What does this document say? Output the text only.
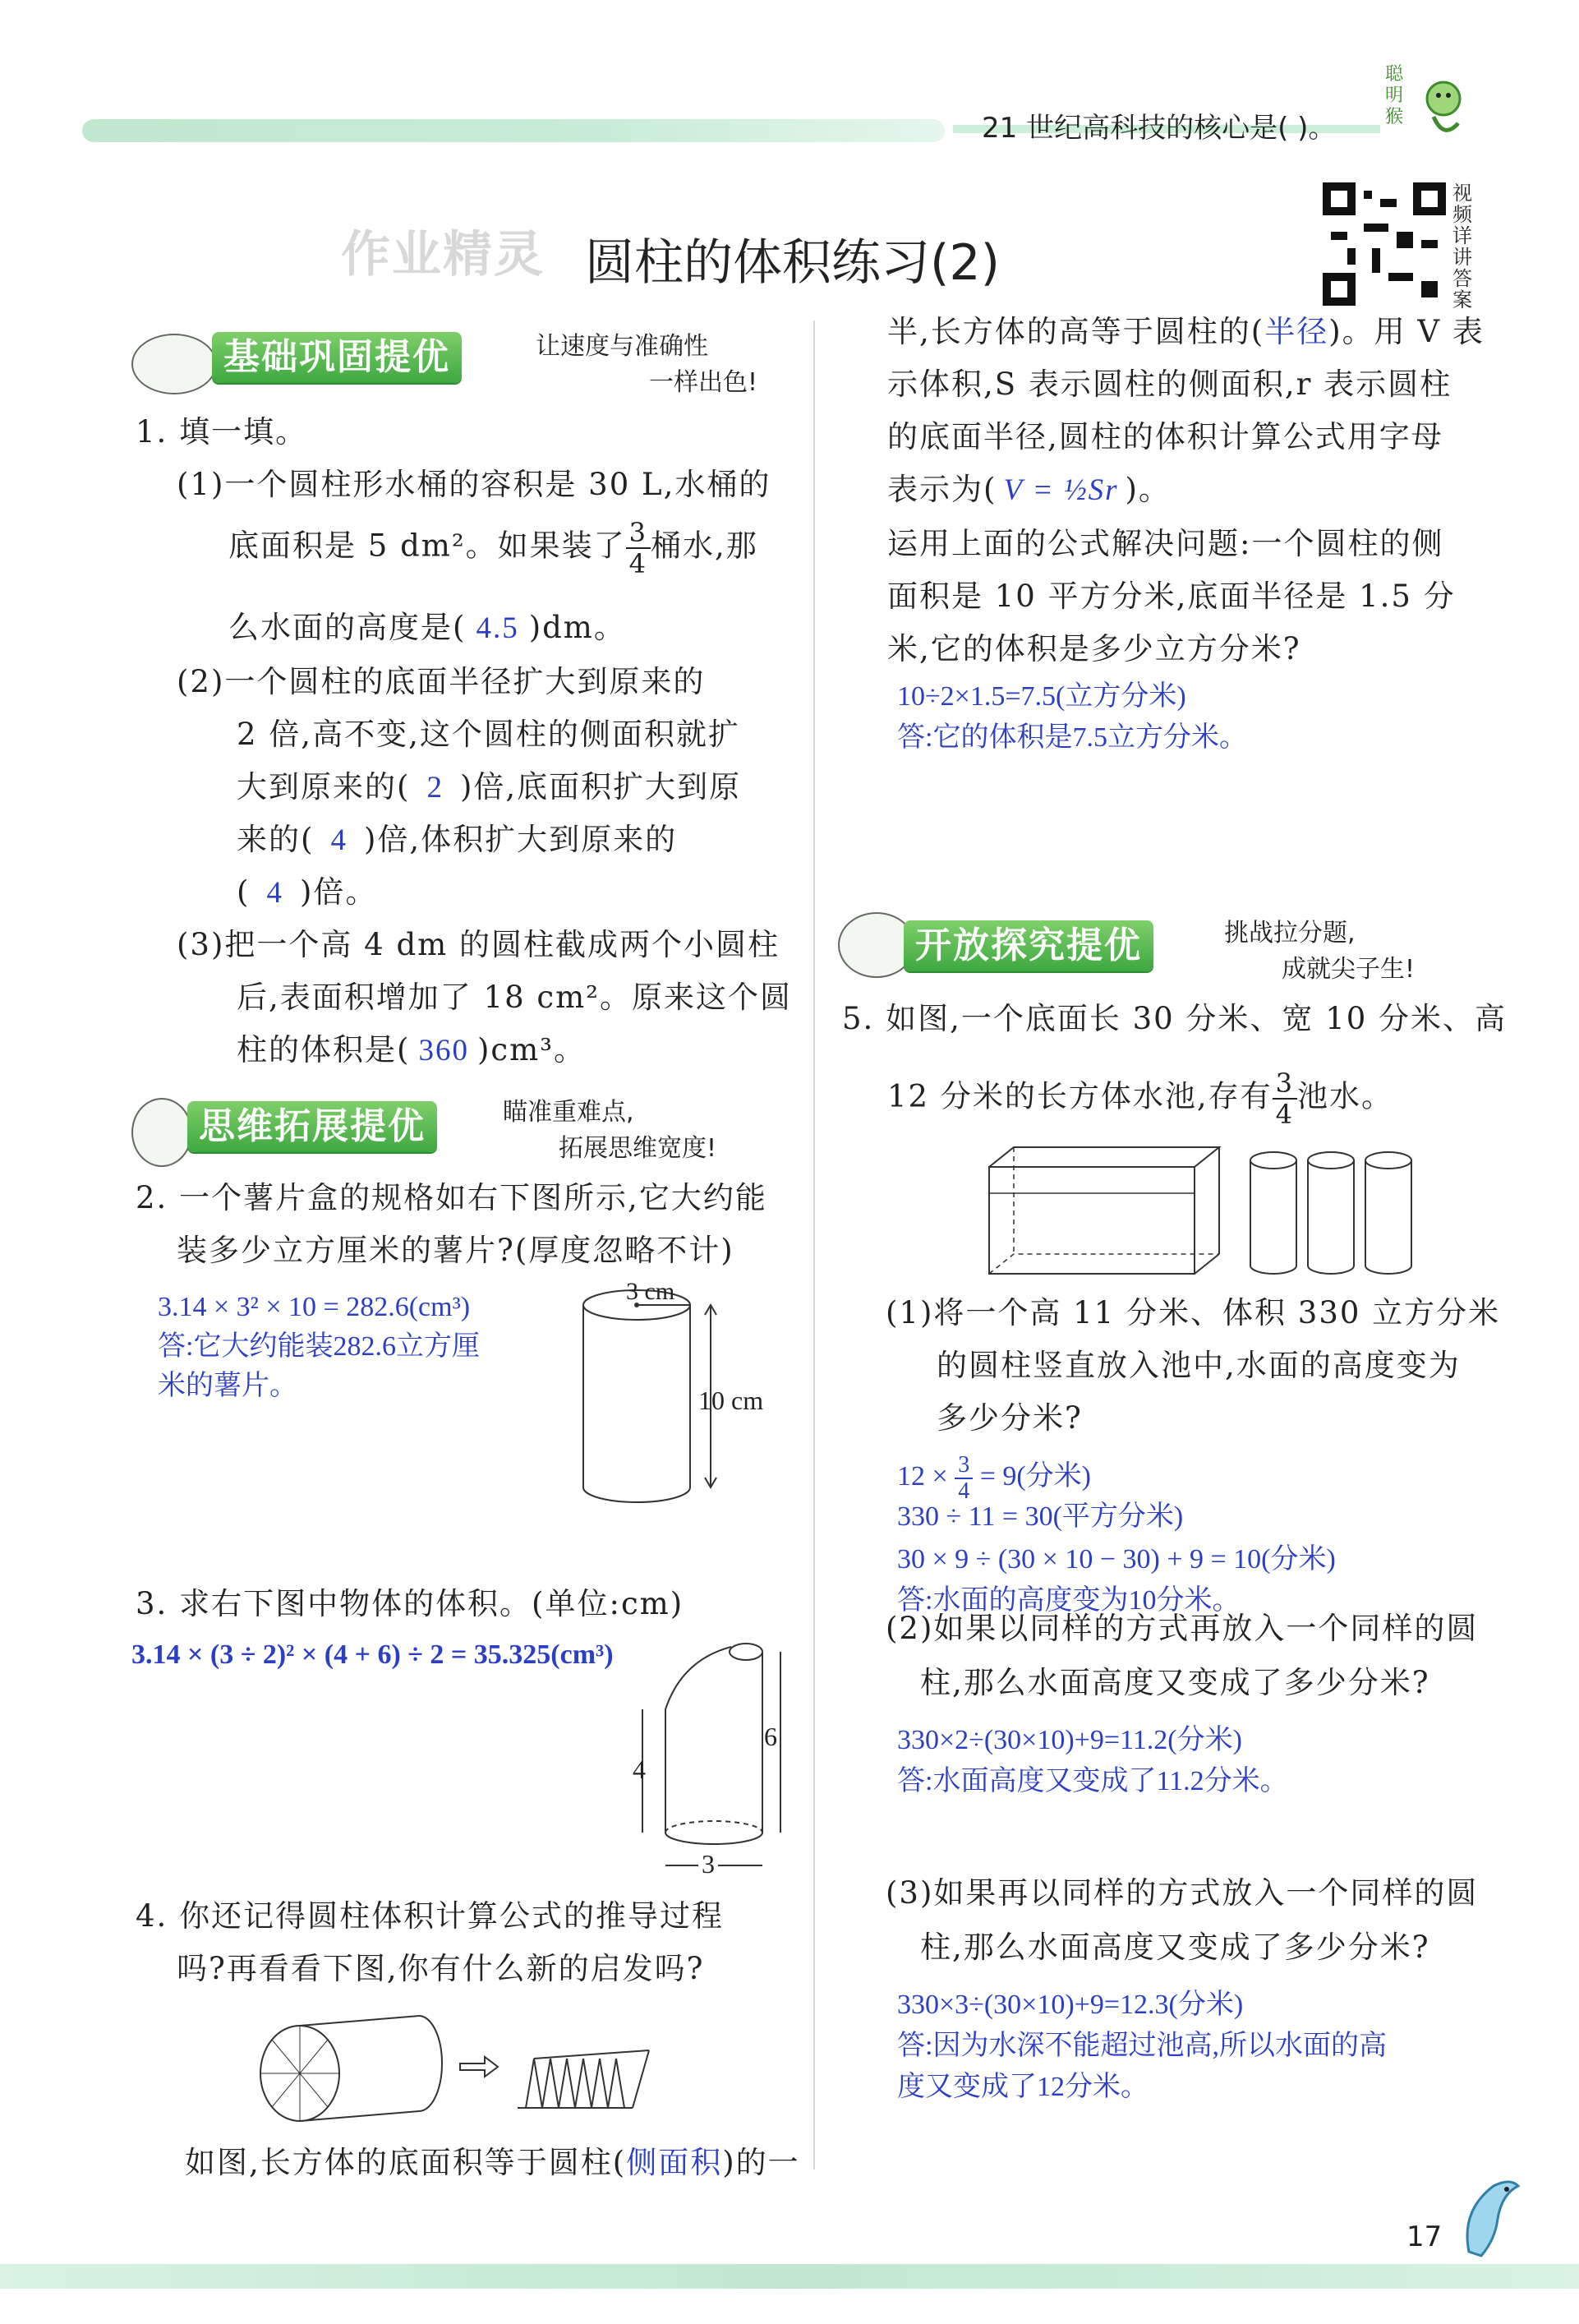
21 世纪高科技的核心是( )。
聪明猴
作业精灵 圆柱的体积练习(2)
视频详讲答案
基础巩固提优	让速度与准确性
一样出色!
1. 填一填。
(1)一个圆柱形水桶的容积是 30 L,水桶的
底面积是 5 dm²。如果装了 $\frac{3}{4}$ 桶水,那
么水面的高度是( 4.5 )dm。
(2)一个圆柱的底面半径扩大到原来的
2 倍,高不变,这个圆柱的侧面积就扩
大到原来的( 2 )倍,底面积扩大到原
来的( 4 )倍,体积扩大到原来的
( 4 )倍。
(3)把一个高 4 dm 的圆柱截成两个小圆柱
后,表面积增加了 18 cm²。原来这个圆
柱的体积是( 360 )cm³。
思维拓展提优	瞄准重难点,
拓展思维宽度!
2. 一个薯片盒的规格如右下图所示,它大约能
装多少立方厘米的薯片?(厚度忽略不计)
3.14 × 3² × 10 = 282.6(cm³)
答:它大约能装282.6立方厘
米的薯片。
3 cm
10 cm
3. 求右下图中物体的体积。(单位:cm)
3.14 × (3 ÷ 2)² × (4 + 6) ÷ 2 = 35.325(cm³)
4
6
3
4. 你还记得圆柱体积计算公式的推导过程
吗?再看看下图,你有什么新的启发吗?
如图,长方体的底面积等于圆柱(侧面积)的一
半,长方体的高等于圆柱的(半径)。用 V 表
示体积,S 表示圆柱的侧面积,r 表示圆柱
的底面半径,圆柱的体积计算公式用字母
表示为( V = ½Sr )。
运用上面的公式解决问题:一个圆柱的侧
面积是 10 平方分米,底面半径是 1.5 分
米,它的体积是多少立方分米?
10÷2×1.5=7.5(立方分米)
答:它的体积是7.5立方分米。
开放探究提优	挑战拉分题,
成就尖子生!
5. 如图,一个底面长 30 分米、宽 10 分米、高
12 分米的长方体水池,存有 $\frac{3}{4}$ 池水。
(1)将一个高 11 分米、体积 330 立方分米
的圆柱竖直放入池中,水面的高度变为
多少分米?
$12 \times \frac{3}{4} = 9$(分米)
330 ÷ 11 = 30(平方分米)
30 × 9 ÷ (30 × 10 − 30) + 9 = 10(分米)
答:水面的高度变为10分米。
(2)如果以同样的方式再放入一个同样的圆
柱,那么水面高度又变成了多少分米?
330×2÷(30×10)+9=11.2(分米)
答:水面高度又变成了11.2分米。
(3)如果再以同样的方式放入一个同样的圆
柱,那么水面高度又变成了多少分米?
330×3÷(30×10)+9=12.3(分米)
答:因为水深不能超过池高,所以水面的高
度又变成了12分米。
17
